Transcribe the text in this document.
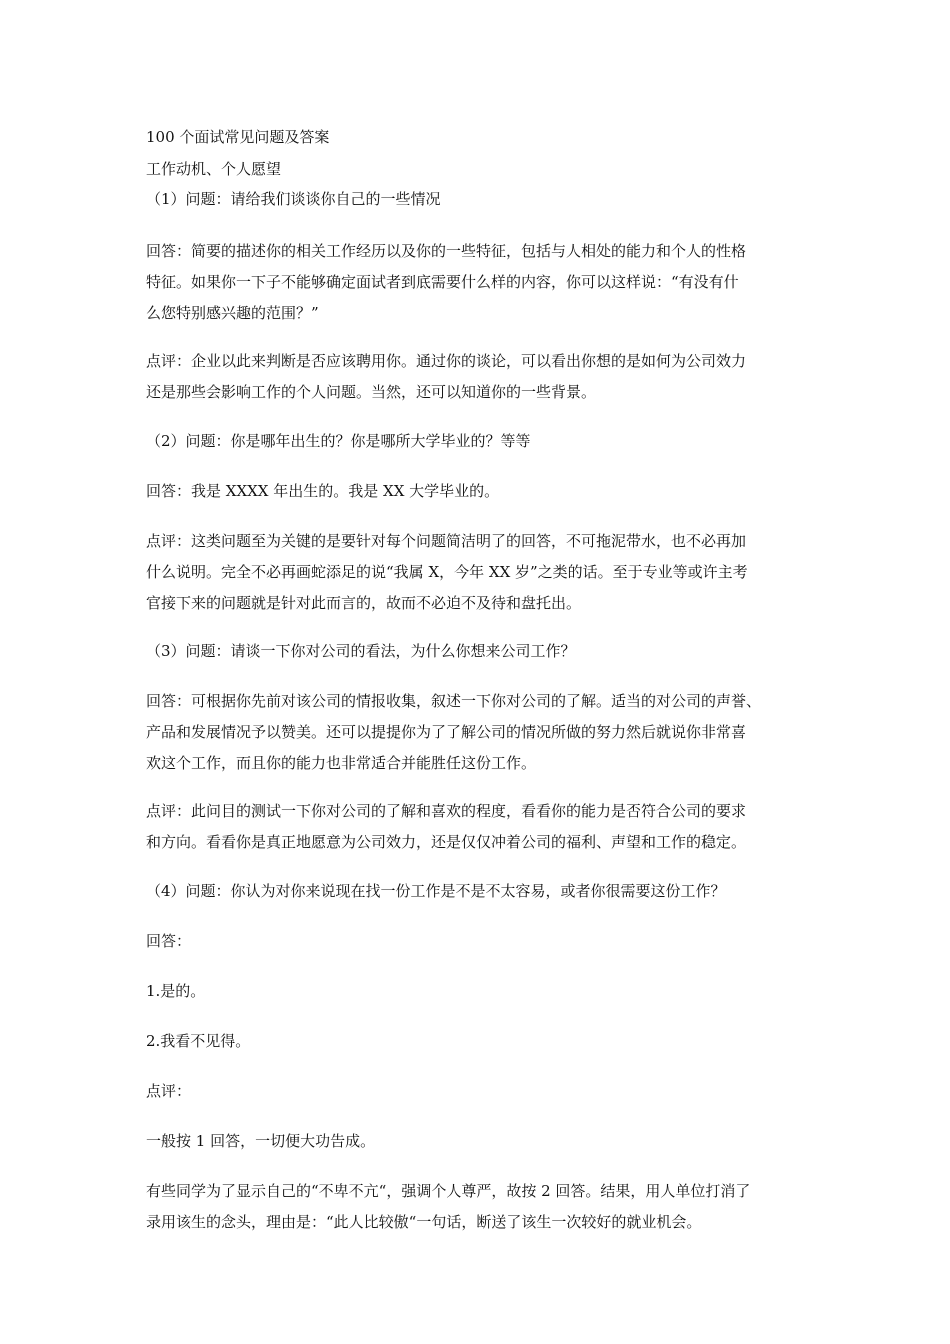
100 个面试常见问题及答案
工作动机、个人愿望
（1）问题：请给我们谈谈你自己的一些情况
回答：简要的描述你的相关工作经历以及你的一些特征，包括与人相处的能力和个人的性格
特征。如果你一下子不能够确定面试者到底需要什么样的内容，你可以这样说：“有没有什
么您特别感兴趣的范围？”
点评：企业以此来判断是否应该聘用你。通过你的谈论，可以看出你想的是如何为公司效力
还是那些会影响工作的个人问题。当然，还可以知道你的一些背景。
（2）问题：你是哪年出生的？你是哪所大学毕业的？等等
回答：我是 XXXX 年出生的。我是 XX 大学毕业的。
点评：这类问题至为关键的是要针对每个问题简洁明了的回答，不可拖泥带水，也不必再加
什么说明。完全不必再画蛇添足的说“我属 X，今年 XX 岁”之类的话。至于专业等或许主考
官接下来的问题就是针对此而言的，故而不必迫不及待和盘托出。
（3）问题：请谈一下你对公司的看法，为什么你想来公司工作？
回答：可根据你先前对该公司的情报收集，叙述一下你对公司的了解。适当的对公司的声誉、
产品和发展情况予以赞美。还可以提提你为了了解公司的情况所做的努力然后就说你非常喜
欢这个工作，而且你的能力也非常适合并能胜任这份工作。
点评：此问目的测试一下你对公司的了解和喜欢的程度，看看你的能力是否符合公司的要求
和方向。看看你是真正地愿意为公司效力，还是仅仅冲着公司的福利、声望和工作的稳定。
（4）问题：你认为对你来说现在找一份工作是不是不太容易，或者你很需要这份工作？
回答：
1.是的。
2.我看不见得。
点评：
一般按 1 回答，一切便大功告成。
有些同学为了显示自己的“不卑不亢“，强调个人尊严，故按 2 回答。结果，用人单位打消了
录用该生的念头，理由是：“此人比较傲“一句话，断送了该生一次较好的就业机会。
